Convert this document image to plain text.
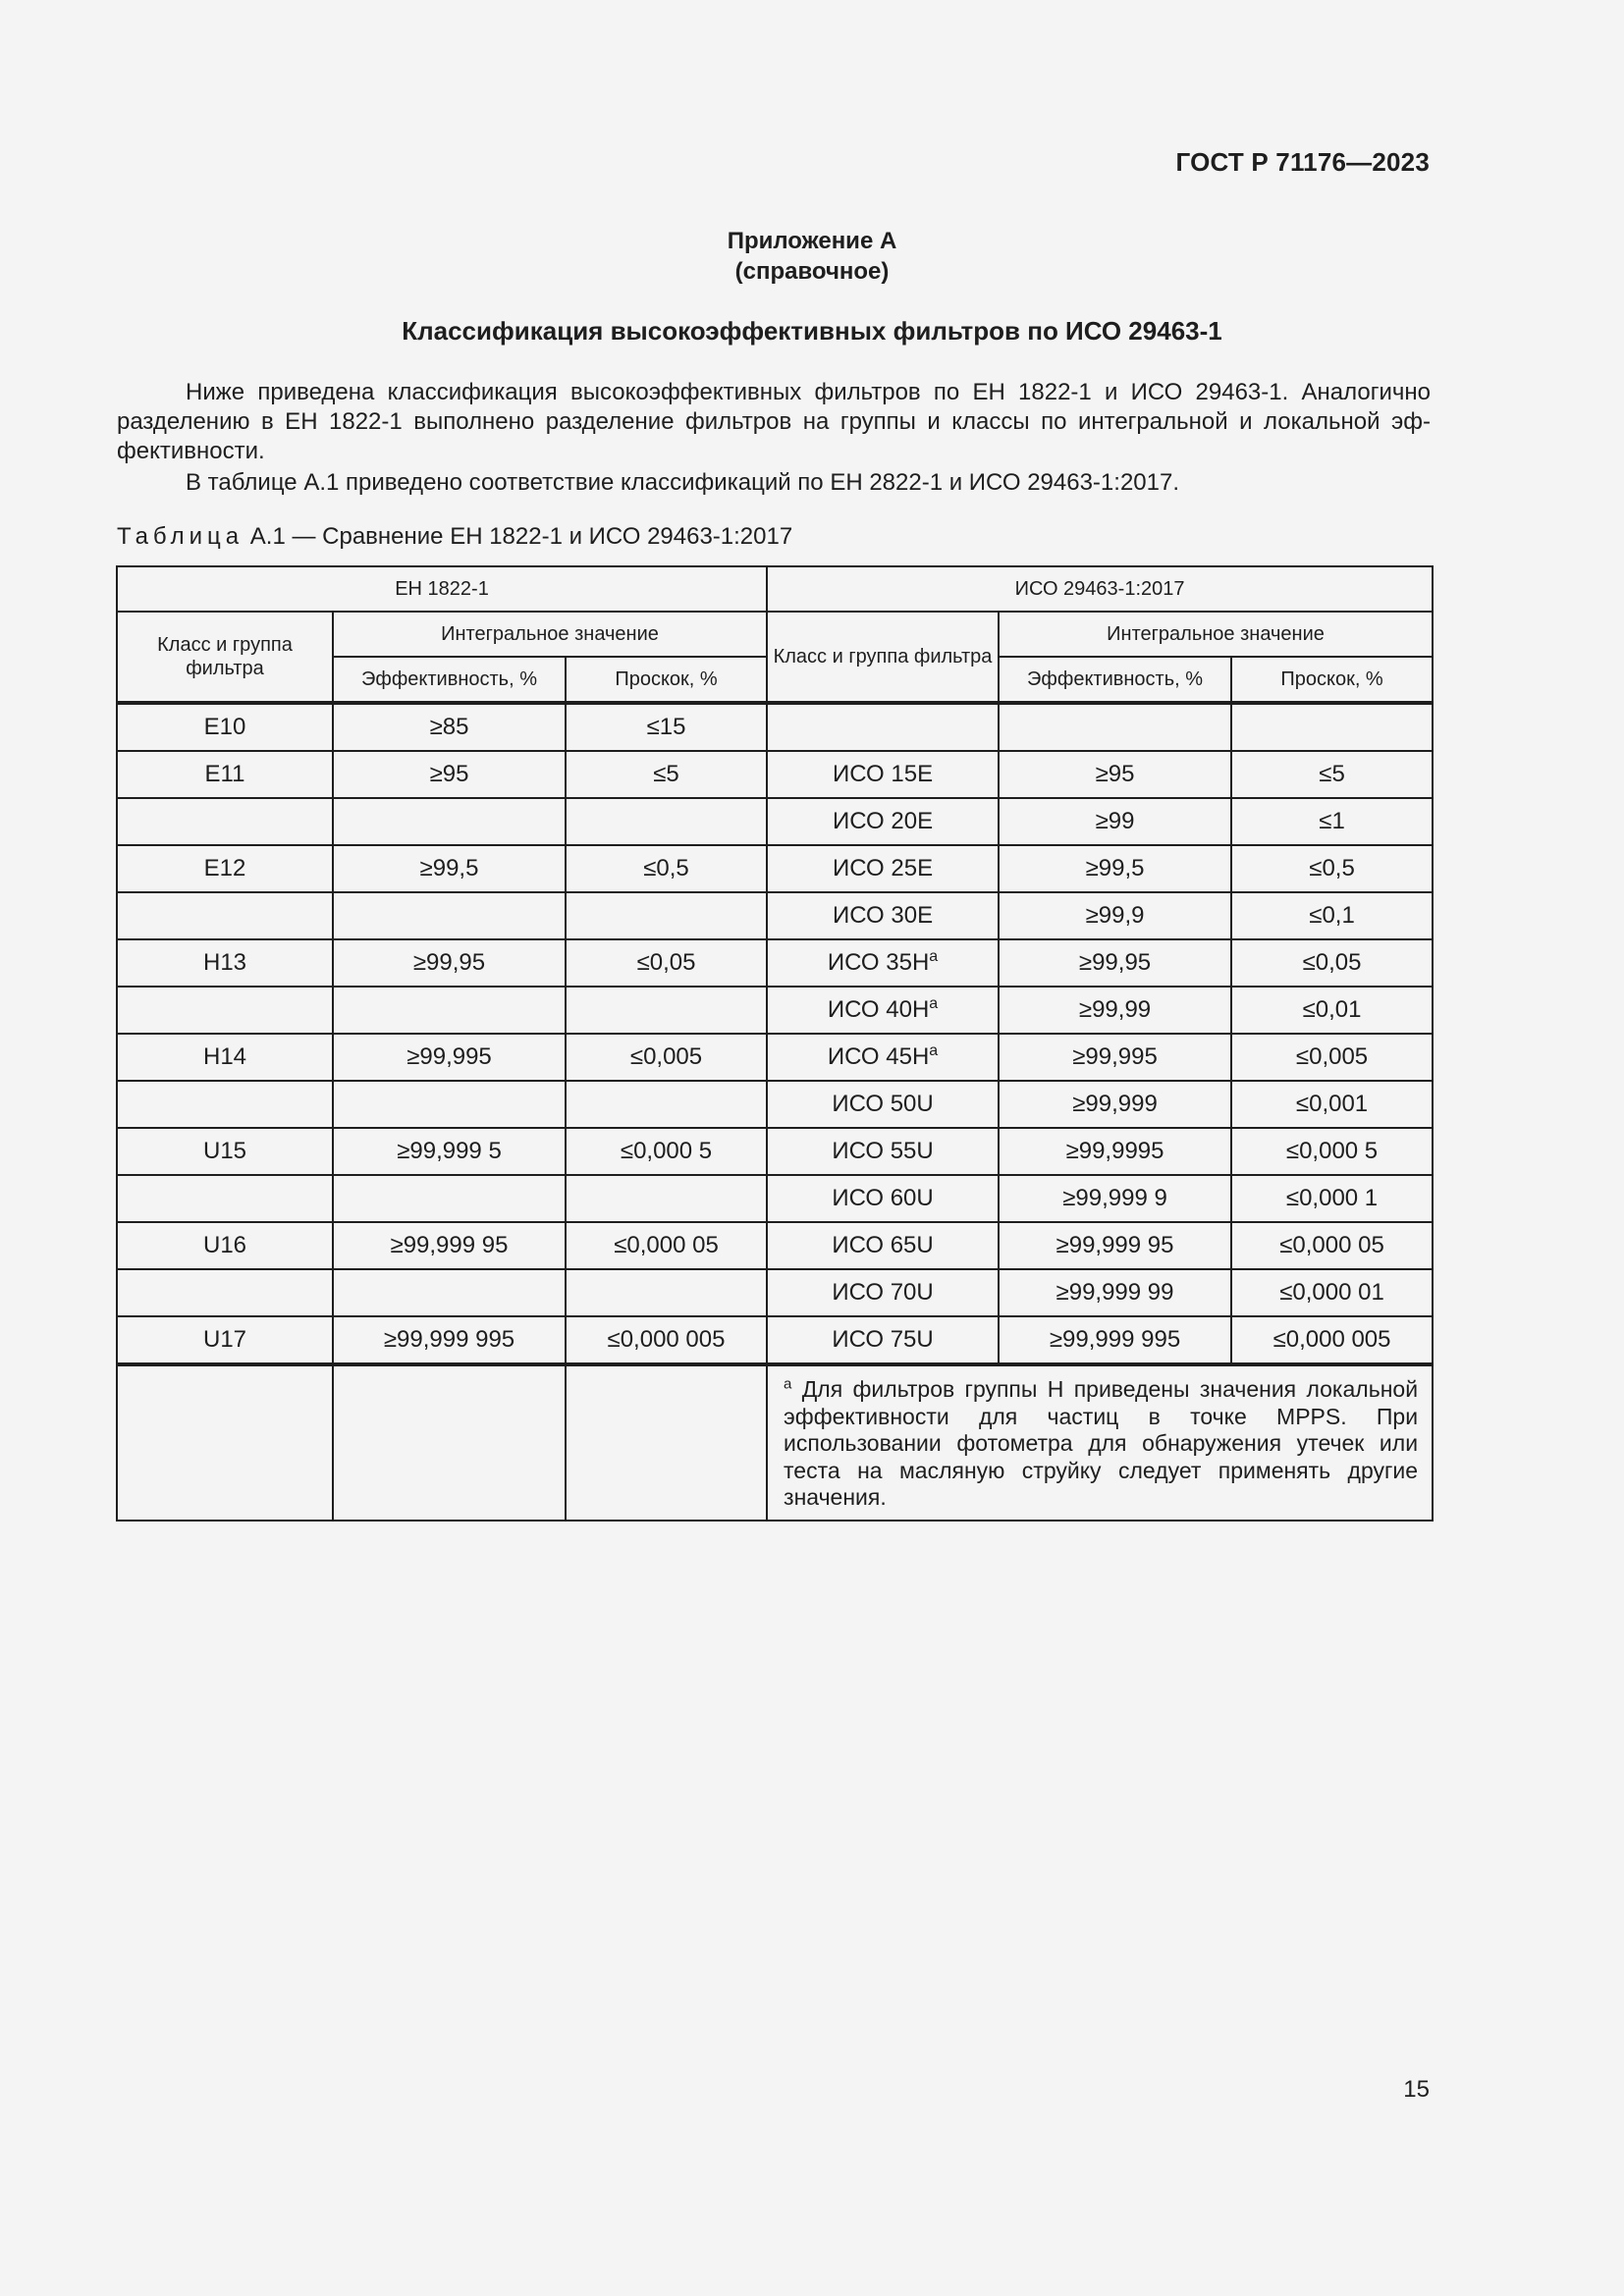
ГОСТ Р 71176—2023
Приложение А
(справочное)
Классификация высокоэффективных фильтров по ИСО 29463-1
Ниже приведена классификация высокоэффективных фильтров по ЕН 1822-1 и ИСО 29463-1. Аналогично разделению в ЕН 1822-1 выполнено разделение фильтров на группы и классы по интегральной и локальной эффективности.
В таблице А.1 приведено соответствие классификаций по ЕН 2822-1 и ИСО 29463-1:2017.
Таблица А.1 — Сравнение ЕН 1822-1 и ИСО 29463-1:2017
ЕН 1822-1			ИСО 29463-1:2017		
Класс и группа фильтра	Интегральное значение		Класс и группа фильтра	Интегральное значение	
	Эффективность, %	Проскок, %		Эффективность, %	Проскок, %
E10	≥85	≤15			
E11	≥95	≤5	ИСО 15E	≥95	≤5
			ИСО 20E	≥99	≤1
E12	≥99,5	≤0,5	ИСО 25E	≥99,5	≤0,5
			ИСО 30E	≥99,9	≤0,1
H13	≥99,95	≤0,05	ИСО $35H^a$	≥99,95	≤0,05
			ИСО $40H^a$	≥99,99	≤0,01
H14	≥99,995	≤0,005	ИСО $45H^a$	≥99,995	≤0,005
			ИСО 50U	≥99,999	≤0,001
U15	≥99,999 5	≤0,000 5	ИСО 55U	≥99,9995	≤0,000 5
			ИСО 60U	≥99,999 9	≤0,000 1
U16	≥99,999 95	≤0,000 05	ИСО 65U	≥99,999 95	≤0,000 05
			ИСО 70U	≥99,999 99	≤0,000 01
U17	≥99,999 995	≤0,000 005	ИСО 75U	≥99,999 995	≤0,000 005
			$^a$ Для фильтров группы H приведены значения локальной эффективности для частиц в точке MPPS. При использовании фотометра для обнаружения утечек или теста на масляную струйку следует применять другие значения.		
15
